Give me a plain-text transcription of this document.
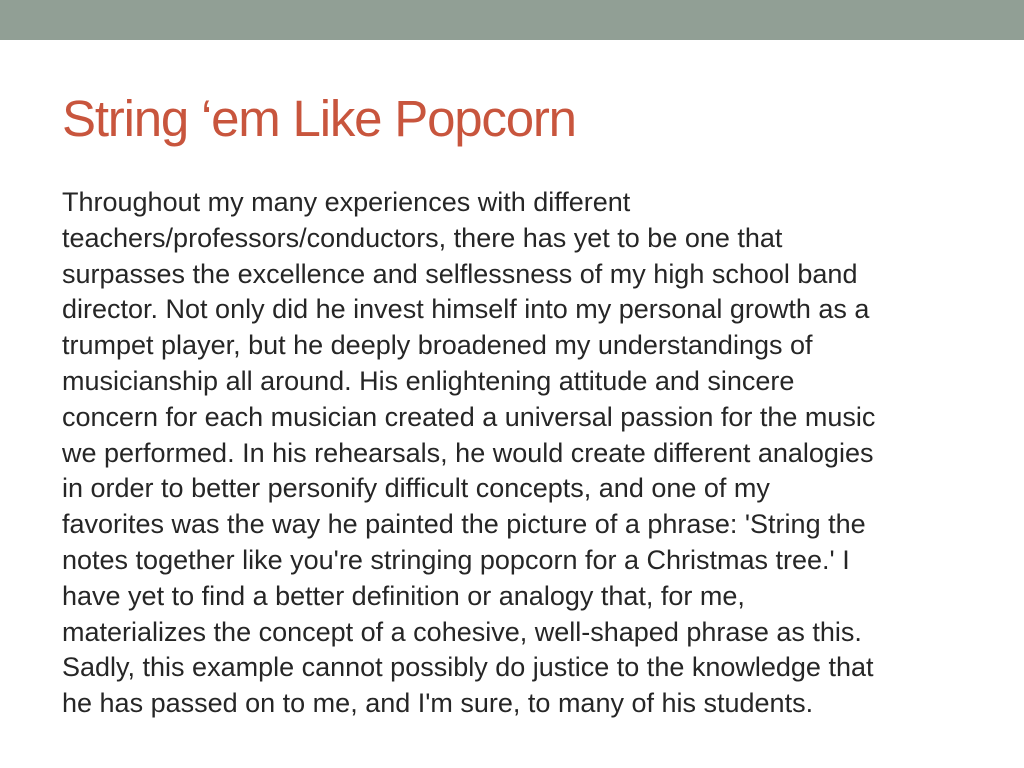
String ‘em Like Popcorn
Throughout my many experiences with different
teachers/professors/conductors, there has yet to be one that
surpasses the excellence and selflessness of my high school band
director. Not only did he invest himself into my personal growth as a
trumpet player, but he deeply broadened my understandings of
musicianship all around. His enlightening attitude and sincere
concern for each musician created a universal passion for the music
we performed. In his rehearsals, he would create different analogies
in order to better personify difficult concepts, and one of my
favorites was the way he painted the picture of a phrase: 'String the
notes together like you're stringing popcorn for a Christmas tree.' I
have yet to find a better definition or analogy that, for me,
materializes the concept of a cohesive, well-shaped phrase as this.
Sadly, this example cannot possibly do justice to the knowledge that
he has passed on to me, and I'm sure, to many of his students.
